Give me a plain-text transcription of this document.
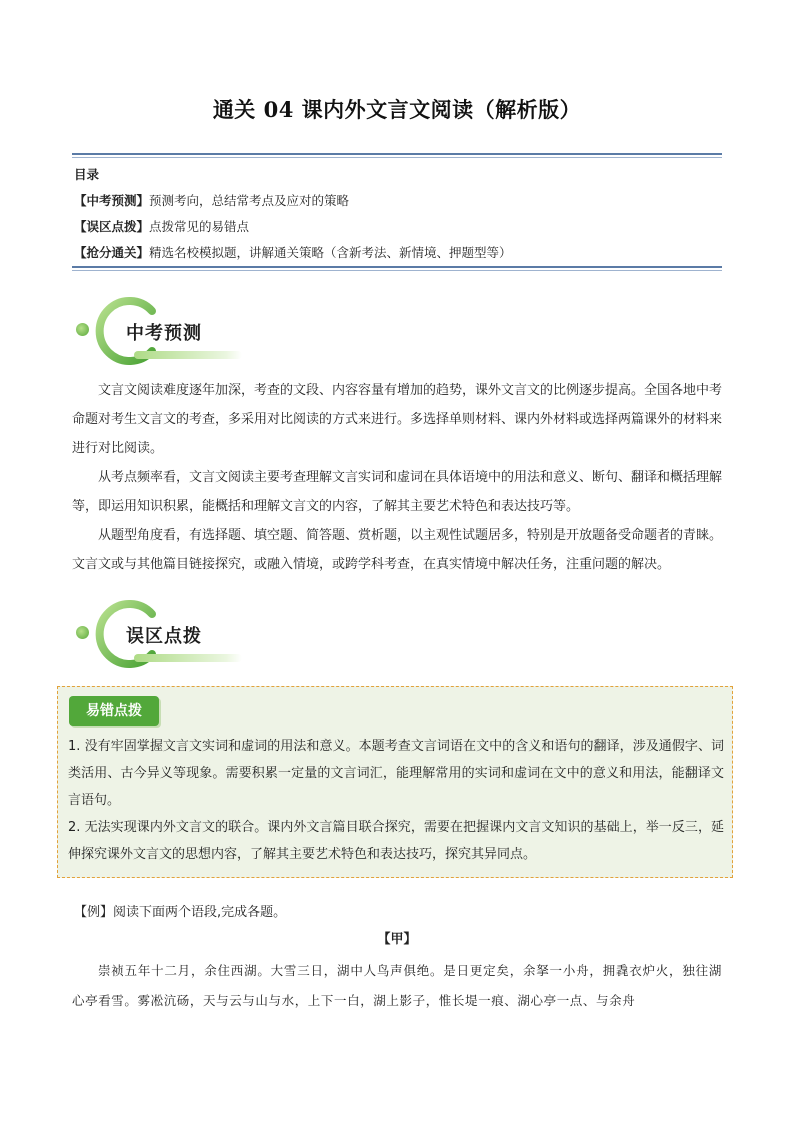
通关 04 课内外文言文阅读（解析版）
目录
【中考预测】预测考向，总结常考点及应对的策略
【误区点拨】点拨常见的易错点
【抢分通关】精选名校模拟题，讲解通关策略（含新考法、新情境、押题型等）
中考预测
文言文阅读难度逐年加深，考查的文段、内容容量有增加的趋势，课外文言文的比例逐步提高。全国各地中考命题对考生文言文的考查，多采用对比阅读的方式来进行。多选择单则材料、课内外材料或选择两篇课外的材料来进行对比阅读。
从考点频率看，文言文阅读主要考查理解文言实词和虚词在具体语境中的用法和意义、断句、翻译和概括理解等，即运用知识积累，能概括和理解文言文的内容，了解其主要艺术特色和表达技巧等。
从题型角度看，有选择题、填空题、简答题、赏析题，以主观性试题居多，特别是开放题备受命题者的青睐。文言文或与其他篇目链接探究，或融入情境，或跨学科考查，在真实情境中解决任务，注重问题的解决。
误区点拨
易错点拨

1. 没有牢固掌握文言文实词和虚词的用法和意义。本题考查文言词语在文中的含义和语句的翻译，涉及通假字、词类活用、古今异义等现象。需要积累一定量的文言词汇，能理解常用的实词和虚词在文中的意义和用法，能翻译文言语句。

2. 无法实现课内外文言文的联合。课内外文言篇目联合探究，需要在把握课内文言文知识的基础上，举一反三，延伸探究课外文言文的思想内容，了解其主要艺术特色和表达技巧，探究其异同点。

【例】阅读下面两个语段,完成各题。
【甲】
崇祯五年十二月，余住西湖。大雪三日，湖中人鸟声俱绝。是日更定矣，余拏一小舟，拥毳衣炉火，独往湖心亭看雪。雾凇沆砀，天与云与山与水，上下一白，湖上影子，惟长堤一痕、湖心亭一点、与余舟
